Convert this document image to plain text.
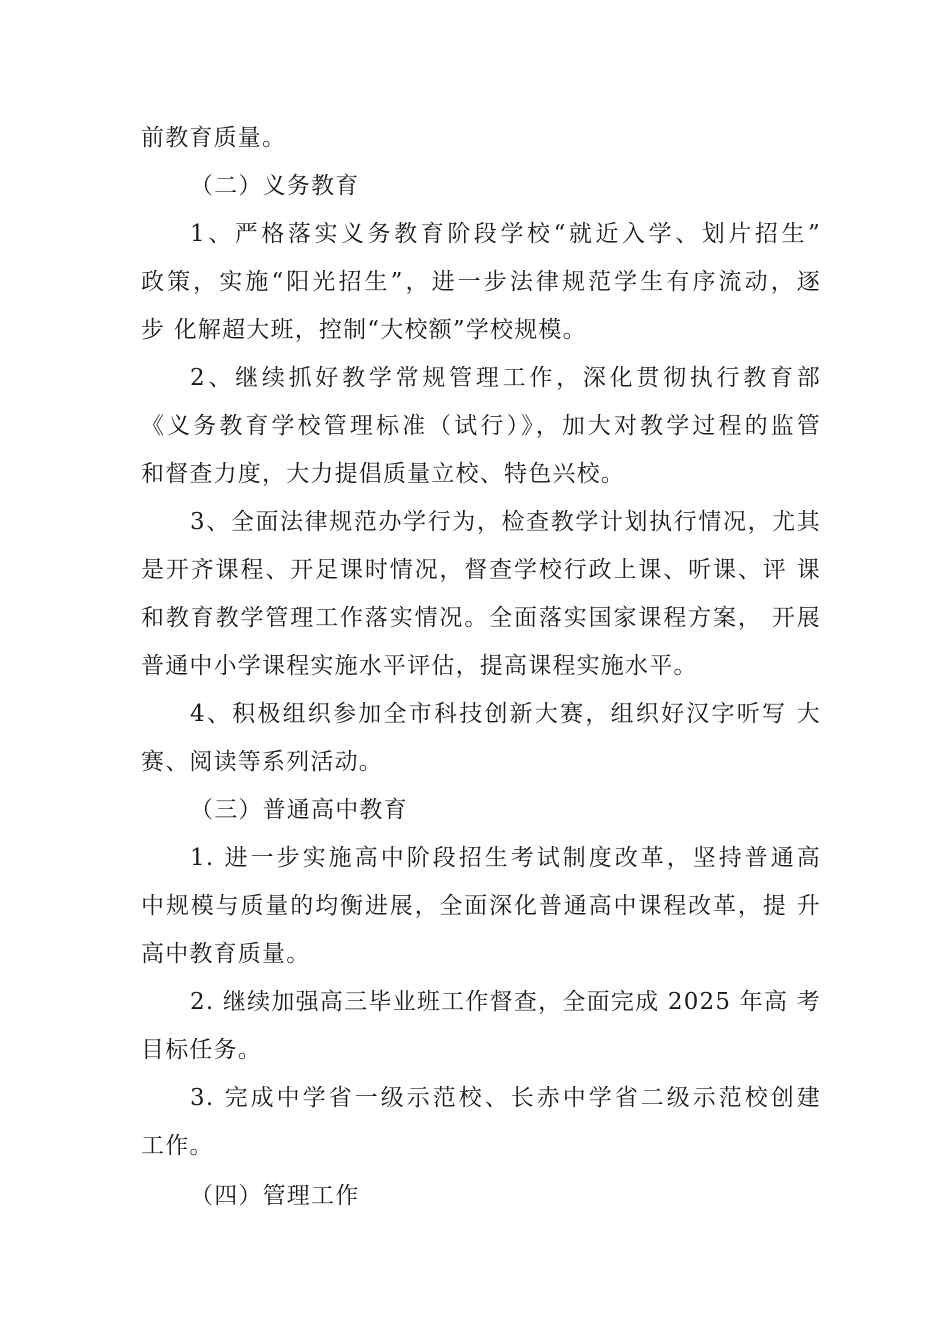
前教育质量。
（二）义务教育
1、严格落实义务教育阶段学校“就近入学、划片招生”
政策，实施“阳光招生”，进一步法律规范学生有序流动，逐
步 化解超大班，控制“大校额”学校规模。
2、继续抓好教学常规管理工作，深化贯彻执行教育部
《义务教育学校管理标准（试行）》，加大对教学过程的监管
和督查力度，大力提倡质量立校、特色兴校。
3、全面法律规范办学行为，检查教学计划执行情况，尤其
是开齐课程、开足课时情况，督查学校行政上课、听课、评 课
和教育教学管理工作落实情况。全面落实国家课程方案， 开展
普通中小学课程实施水平评估，提高课程实施水平。
4、积极组织参加全市科技创新大赛，组织好汉字听写 大
赛、阅读等系列活动。
（三）普通高中教育
1. 进一步实施高中阶段招生考试制度改革，坚持普通高
中规模与质量的均衡进展，全面深化普通高中课程改革，提 升
高中教育质量。
2. 继续加强高三毕业班工作督查，全面完成 2025 年高 考
目标任务。
3. 完成中学省一级示范校、长赤中学省二级示范校创建
工作。
（四）管理工作
